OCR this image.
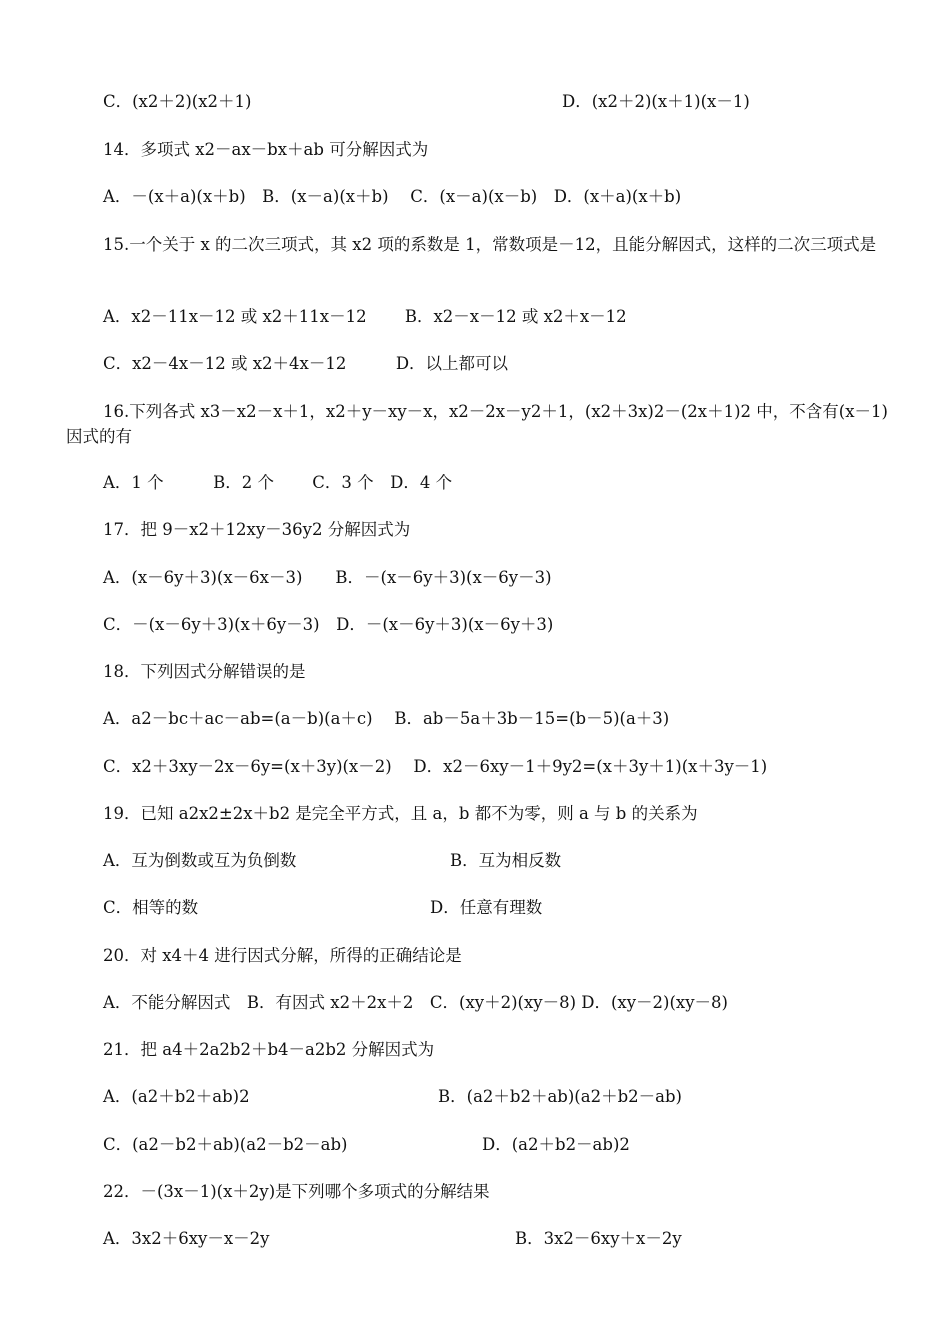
C．(x2＋2)(x2＋1)	D．(x2＋2)(x＋1)(x－1)
14．多项式 x2－ax－bx＋ab 可分解因式为
A．－(x＋a)(x＋b)　B．(x－a)(x＋b)　 C．(x－a)(x－b)　D．(x＋a)(x＋b)
15.一个关于 x 的二次三项式，其 x2 项的系数是 1，常数项是－12，且能分解因式，这样的二次三项式是
A．x2－11x－12 或 x2＋11x－12　　 B．x2－x－12 或 x2＋x－12
C．x2－4x－12 或 x2＋4x－12　　　D．以上都可以
16.下列各式 x3－x2－x＋1，x2＋y－xy－x，x2－2x－y2＋1，(x2＋3x)2－(2x＋1)2 中，不含有(x－1)因式的有
A．1 个　　　B．2 个　　 C．3 个　D．4 个
17．把 9－x2＋12xy－36y2 分解因式为
A．(x－6y＋3)(x－6x－3)　　B．－(x－6y＋3)(x－6y－3)
C．－(x－6y＋3)(x＋6y－3)　D．－(x－6y＋3)(x－6y＋3)
18．下列因式分解错误的是
A．a2－bc＋ac－ab=(a－b)(a＋c)　 B．ab－5a＋3b－15=(b－5)(a＋3)
C．x2＋3xy－2x－6y=(x＋3y)(x－2)　 D．x2－6xy－1＋9y2=(x＋3y＋1)(x＋3y－1)
19．已知 a2x2±2x＋b2 是完全平方式，且 a，b 都不为零，则 a 与 b 的关系为
A．互为倒数或互为负倒数	B．互为相反数
C．相等的数	D．任意有理数
20．对 x4＋4 进行因式分解，所得的正确结论是
A．不能分解因式　B．有因式 x2＋2x＋2　C．(xy＋2)(xy－8) D．(xy－2)(xy－8)
21．把 a4＋2a2b2＋b4－a2b2 分解因式为
A．(a2＋b2＋ab)2	B．(a2＋b2＋ab)(a2＋b2－ab)
C．(a2－b2＋ab)(a2－b2－ab)	D．(a2＋b2－ab)2
22．－(3x－1)(x＋2y)是下列哪个多项式的分解结果
A．3x2＋6xy－x－2y	B．3x2－6xy＋x－2y
